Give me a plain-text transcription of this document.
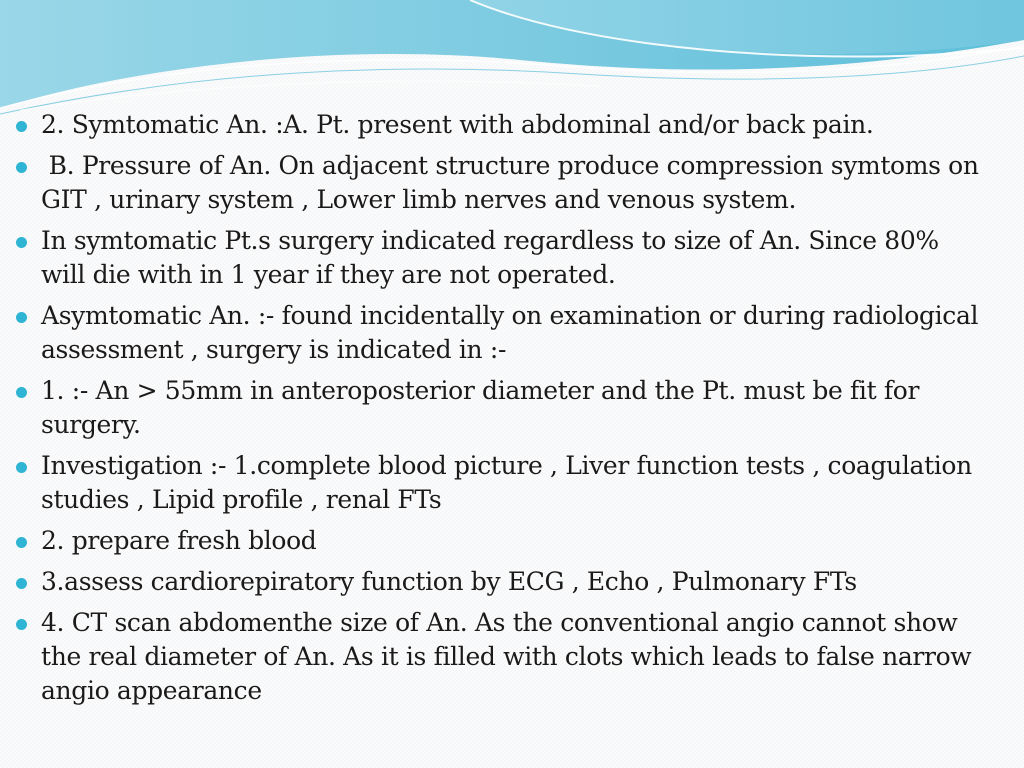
2. Symtomatic An. :A. Pt. present with abdominal and/or back pain.
B. Pressure of An. On adjacent structure produce compression symtoms on GIT , urinary system , Lower limb nerves and venous system.
In symtomatic Pt.s surgery indicated regardless to size of An. Since 80% will die with in 1 year if they are not operated.
Asymtomatic An. :- found incidentally on examination or during radiological assessment , surgery is indicated in :-
1. :- An > 55mm in anteroposterior diameter and the Pt. must be fit for surgery.
Investigation :- 1.complete blood picture , Liver function tests , coagulation studies , Lipid profile , renal FTs
2. prepare fresh blood
3.assess cardiorepiratory function by ECG , Echo , Pulmonary FTs
4. CT scan abdomenthe size of An. As the conventional angio cannot show the real diameter of An. As it is filled with clots which leads to false narrow angio appearance
